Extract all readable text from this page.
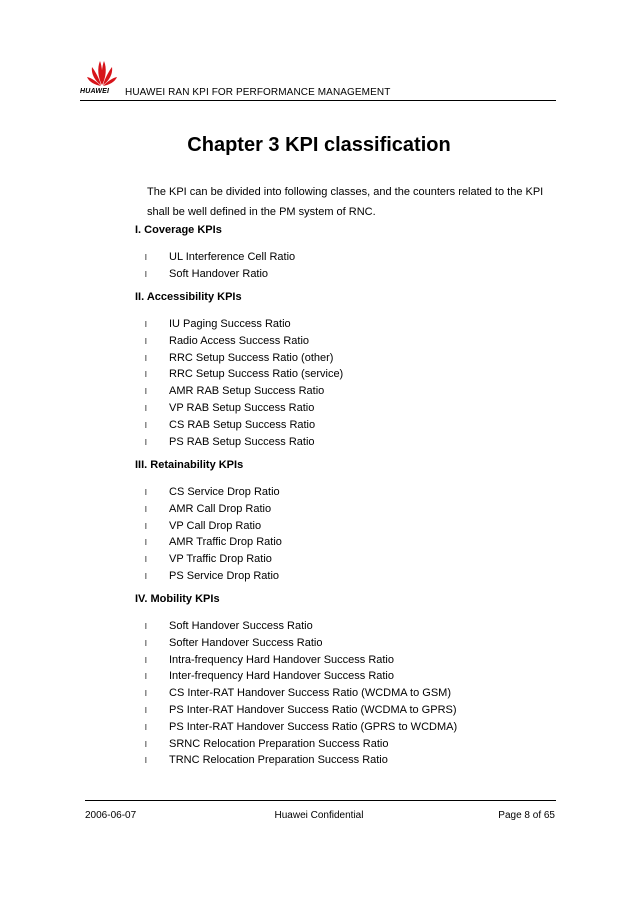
HUAWEI HUAWEI RAN KPI FOR PERFORMANCE MANAGEMENT
Chapter 3 KPI classification
The KPI can be divided into following classes, and the counters related to the KPI shall be well defined in the PM system of RNC.
I. Coverage KPIs
l UL Interference Cell Ratio
l Soft Handover Ratio
II. Accessibility KPIs
l IU Paging Success Ratio
l Radio Access Success Ratio
l RRC Setup Success Ratio (other)
l RRC Setup Success Ratio (service)
l AMR RAB Setup Success Ratio
l VP RAB Setup Success Ratio
l CS RAB Setup Success Ratio
l PS RAB Setup Success Ratio
III. Retainability KPIs
l CS Service Drop Ratio
l AMR Call Drop Ratio
l VP Call Drop Ratio
l AMR Traffic Drop Ratio
l VP Traffic Drop Ratio
l PS Service Drop Ratio
IV. Mobility KPIs
l Soft Handover Success Ratio
l Softer Handover Success Ratio
l Intra-frequency Hard Handover Success Ratio
l Inter-frequency Hard Handover Success Ratio
l CS Inter-RAT Handover Success Ratio (WCDMA to GSM)
l PS Inter-RAT Handover Success Ratio (WCDMA to GPRS)
l PS Inter-RAT Handover Success Ratio (GPRS to WCDMA)
l SRNC Relocation Preparation Success Ratio
l TRNC Relocation Preparation Success Ratio
2006-06-07	Huawei Confidential	Page 8 of 65
